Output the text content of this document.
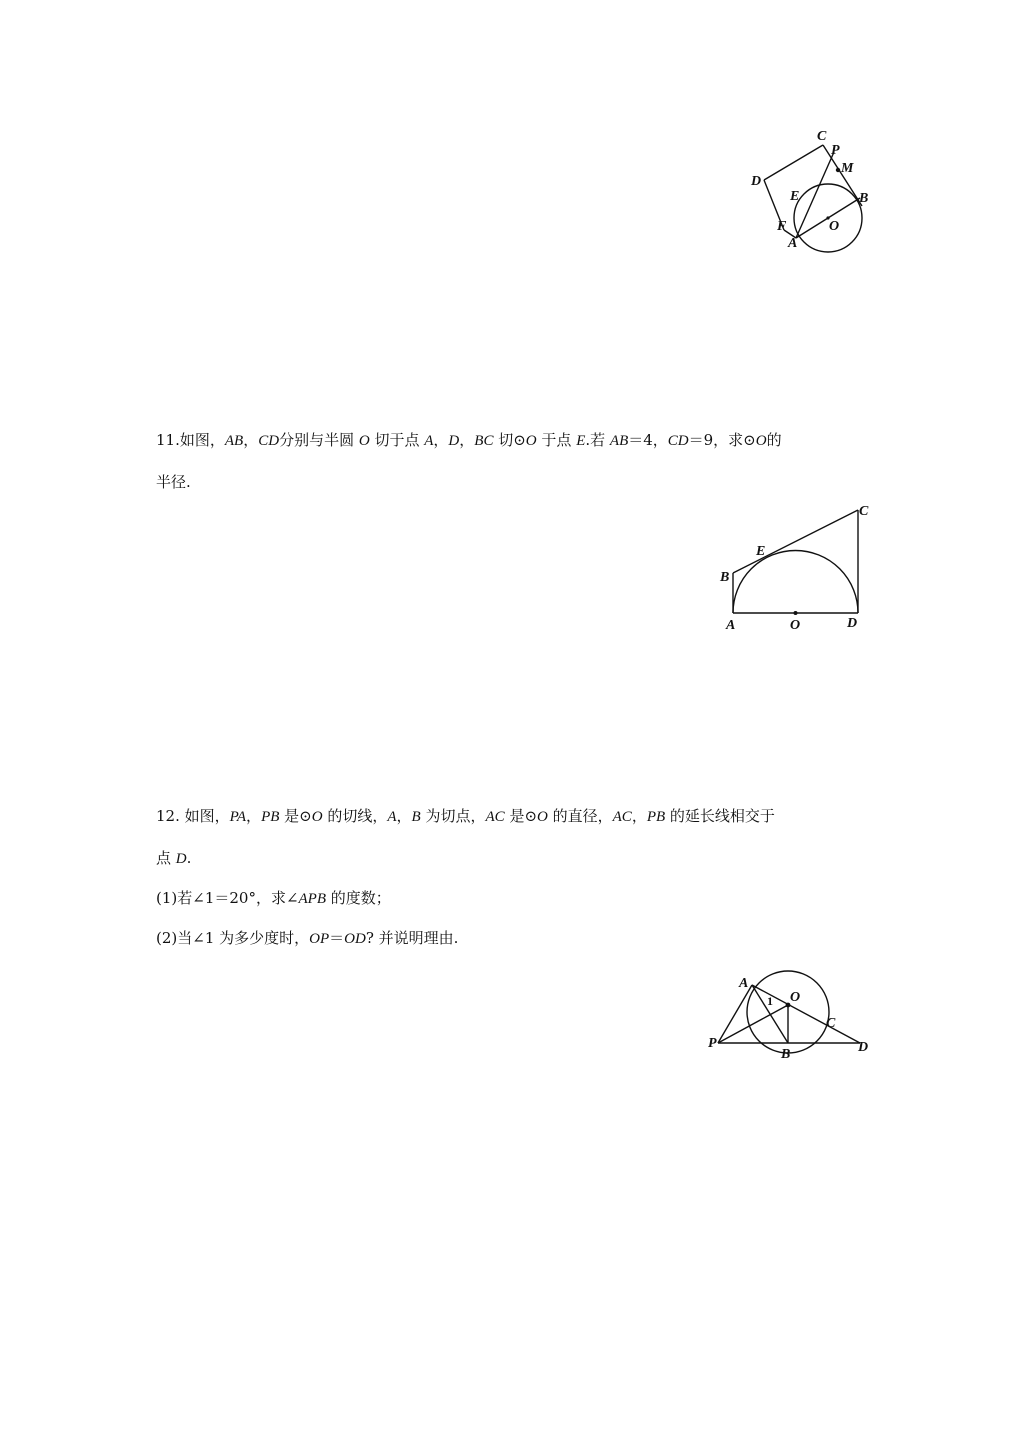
C
P
M
D
E	B
F	O
A
11.如图，AB，CD分别与半圆 O 切于点 A，D，BC 切⊙O 于点 E.若 AB＝4，CD＝9，求⊙O的
半径.
C
E
B
A	O	D
12. 如图，PA，PB 是⊙O 的切线，A，B 为切点，AC 是⊙O 的直径，AC，PB 的延长线相交于
点 D.
(1)若∠1＝20°，求∠APB 的度数；
(2)当∠1 为多少度时，OP＝OD? 并说明理由.
A
O
1
C
P
B	D
